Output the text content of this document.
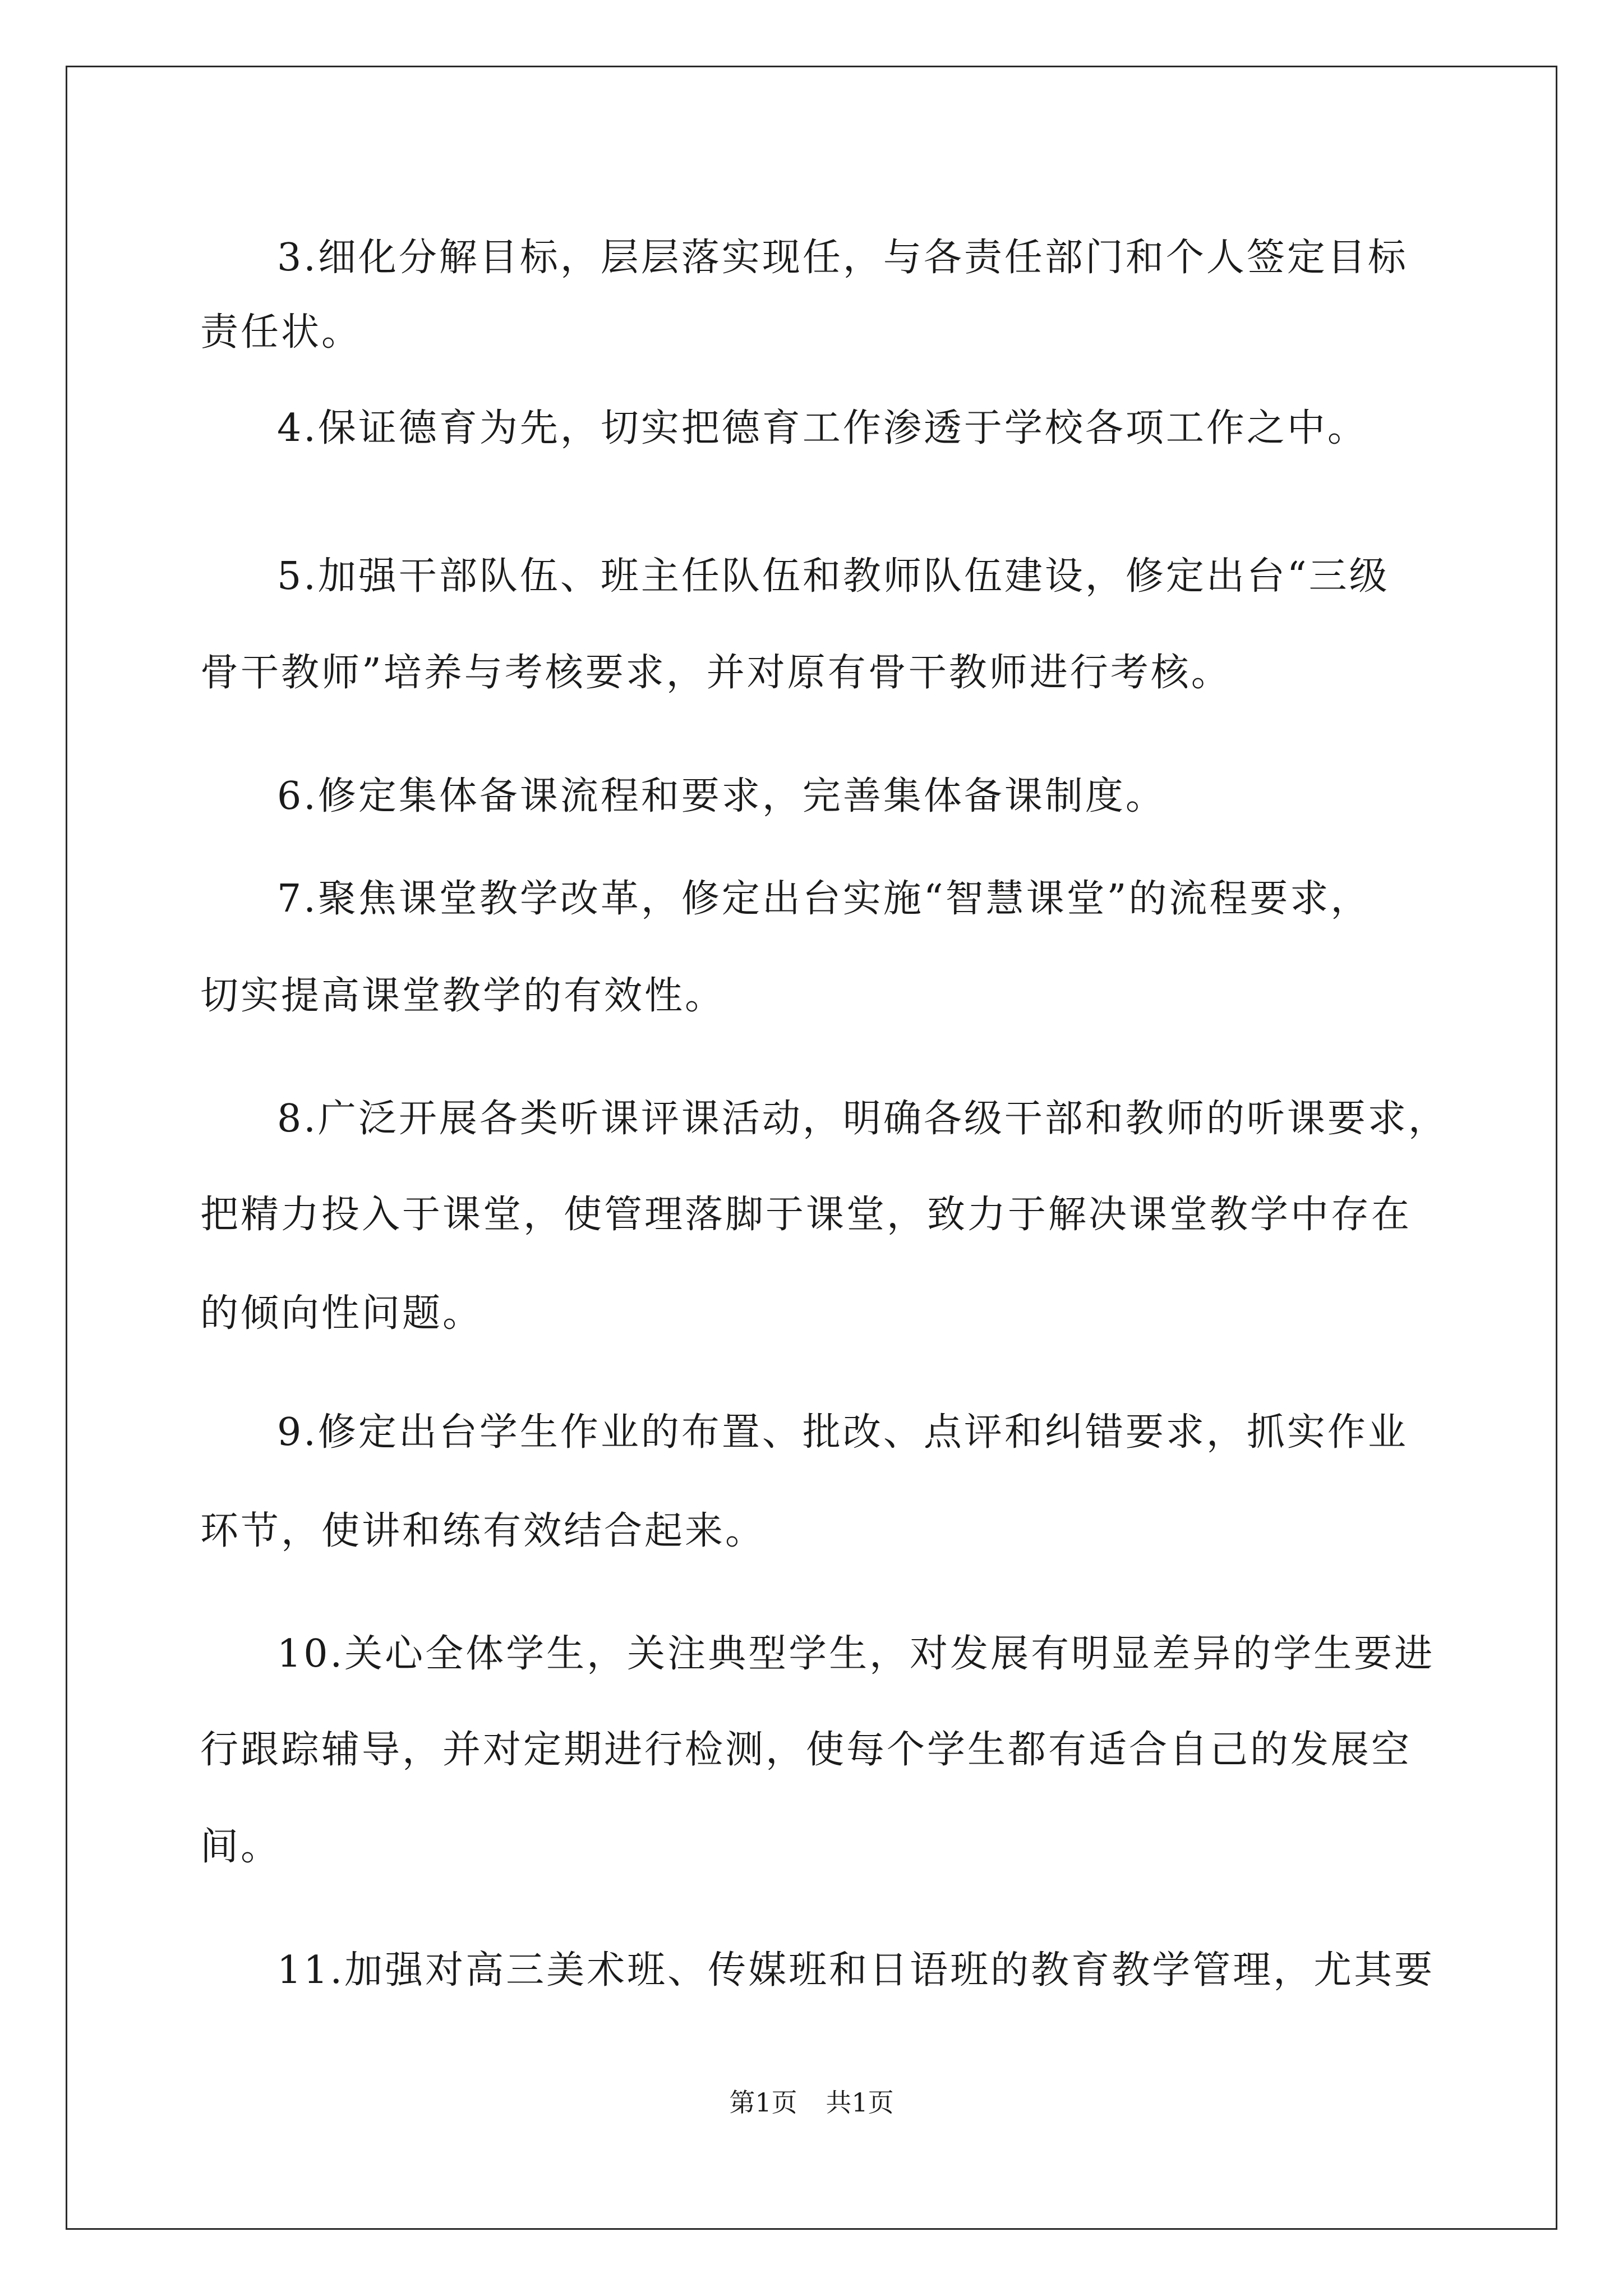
3.细化分解目标，层层落实现任，与各责任部门和个人签定目标
责任状。
4.保证德育为先，切实把德育工作渗透于学校各项工作之中。
5.加强干部队伍、班主任队伍和教师队伍建设，修定出台“三级
骨干教师”培养与考核要求，并对原有骨干教师进行考核。
6.修定集体备课流程和要求，完善集体备课制度。
7.聚焦课堂教学改革，修定出台实施“智慧课堂”的流程要求，
切实提高课堂教学的有效性。
8.广泛开展各类听课评课活动，明确各级干部和教师的听课要求，
把精力投入于课堂，使管理落脚于课堂，致力于解决课堂教学中存在
的倾向性问题。
9.修定出台学生作业的布置、批改、点评和纠错要求，抓实作业
环节，使讲和练有效结合起来。
10.关心全体学生，关注典型学生，对发展有明显差异的学生要进
行跟踪辅导，并对定期进行检测，使每个学生都有适合自己的发展空
间。
11.加强对高三美术班、传媒班和日语班的教育教学管理，尤其要
第1页 共1页
